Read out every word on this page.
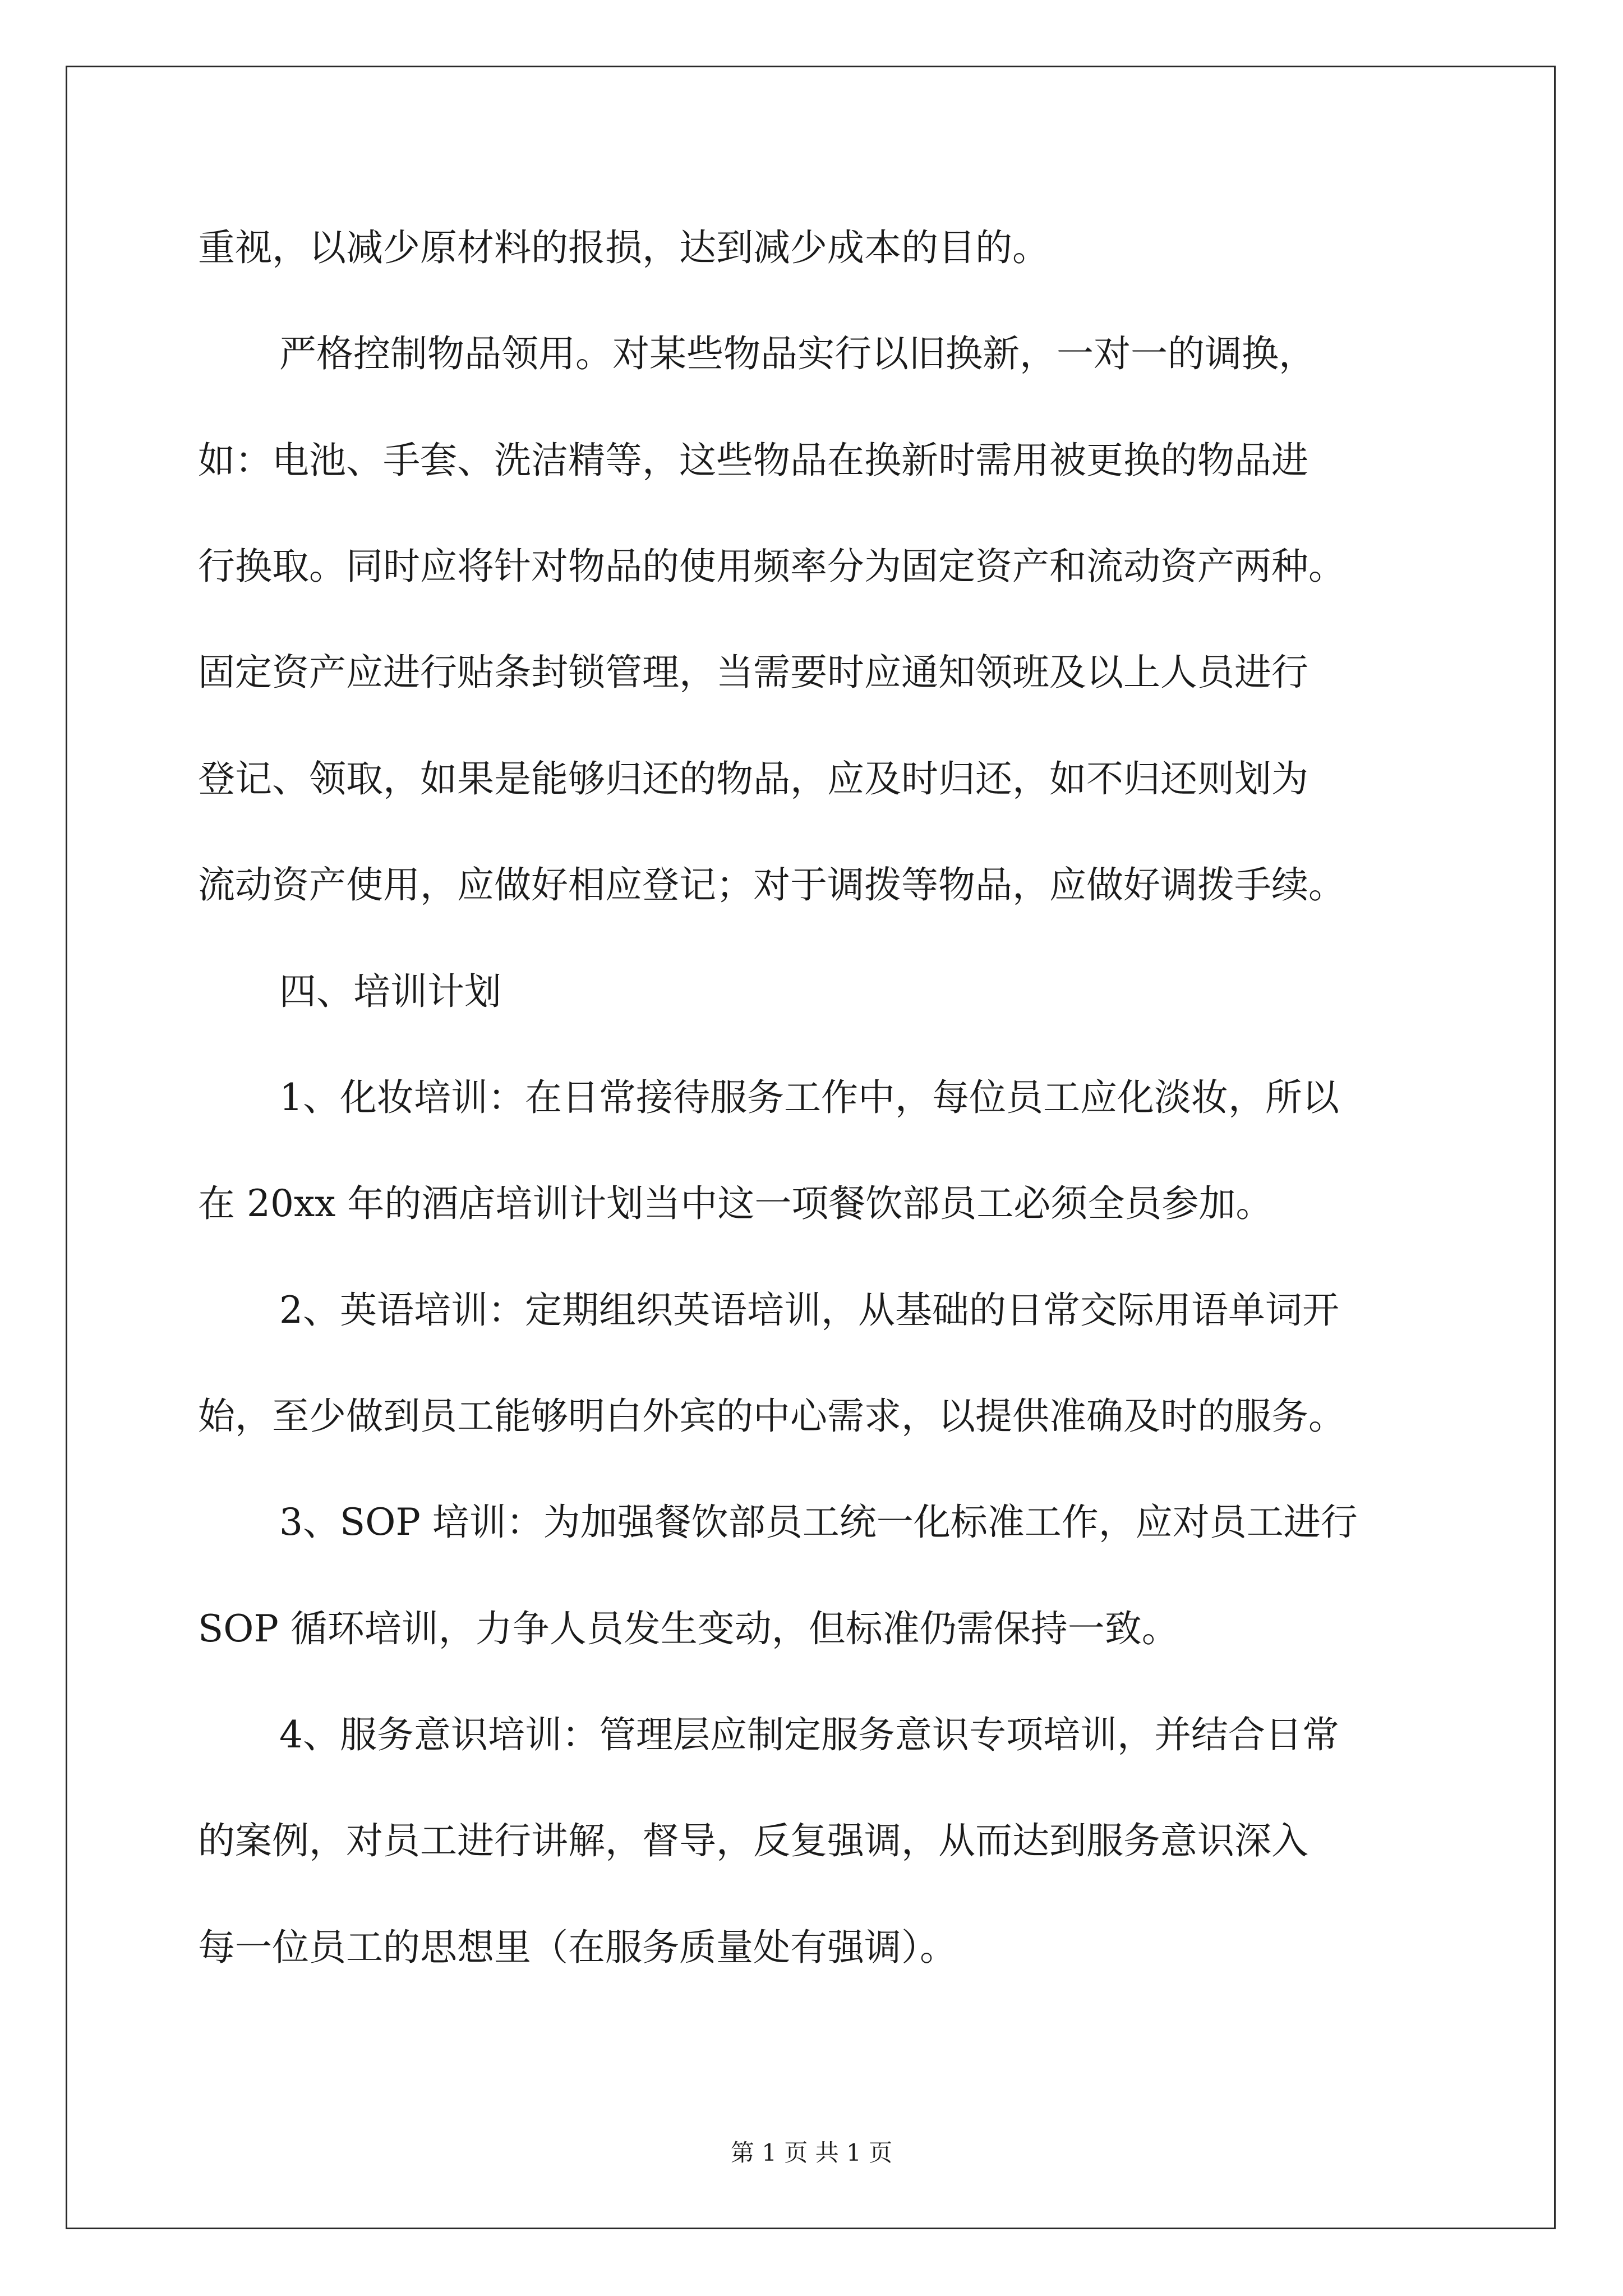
重视，以减少原材料的报损，达到减少成本的目的。

严格控制物品领用。对某些物品实行以旧换新，一对一的调换，

如：电池、手套、洗洁精等，这些物品在换新时需用被更换的物品进

行换取。同时应将针对物品的使用频率分为固定资产和流动资产两种。

固定资产应进行贴条封锁管理，当需要时应通知领班及以上人员进行

登记、领取，如果是能够归还的物品，应及时归还，如不归还则划为

流动资产使用，应做好相应登记；对于调拨等物品，应做好调拨手续。

四、培训计划

1、化妆培训：在日常接待服务工作中，每位员工应化淡妆，所以

在 20xx 年的酒店培训计划当中这一项餐饮部员工必须全员参加。

2、英语培训：定期组织英语培训，从基础的日常交际用语单词开

始，至少做到员工能够明白外宾的中心需求，以提供准确及时的服务。

3、SOP 培训：为加强餐饮部员工统一化标准工作，应对员工进行

SOP 循环培训，力争人员发生变动，但标准仍需保持一致。

4、服务意识培训：管理层应制定服务意识专项培训，并结合日常

的案例，对员工进行讲解，督导，反复强调，从而达到服务意识深入

每一位员工的思想里（在服务质量处有强调）。

第 1 页 共 1 页
